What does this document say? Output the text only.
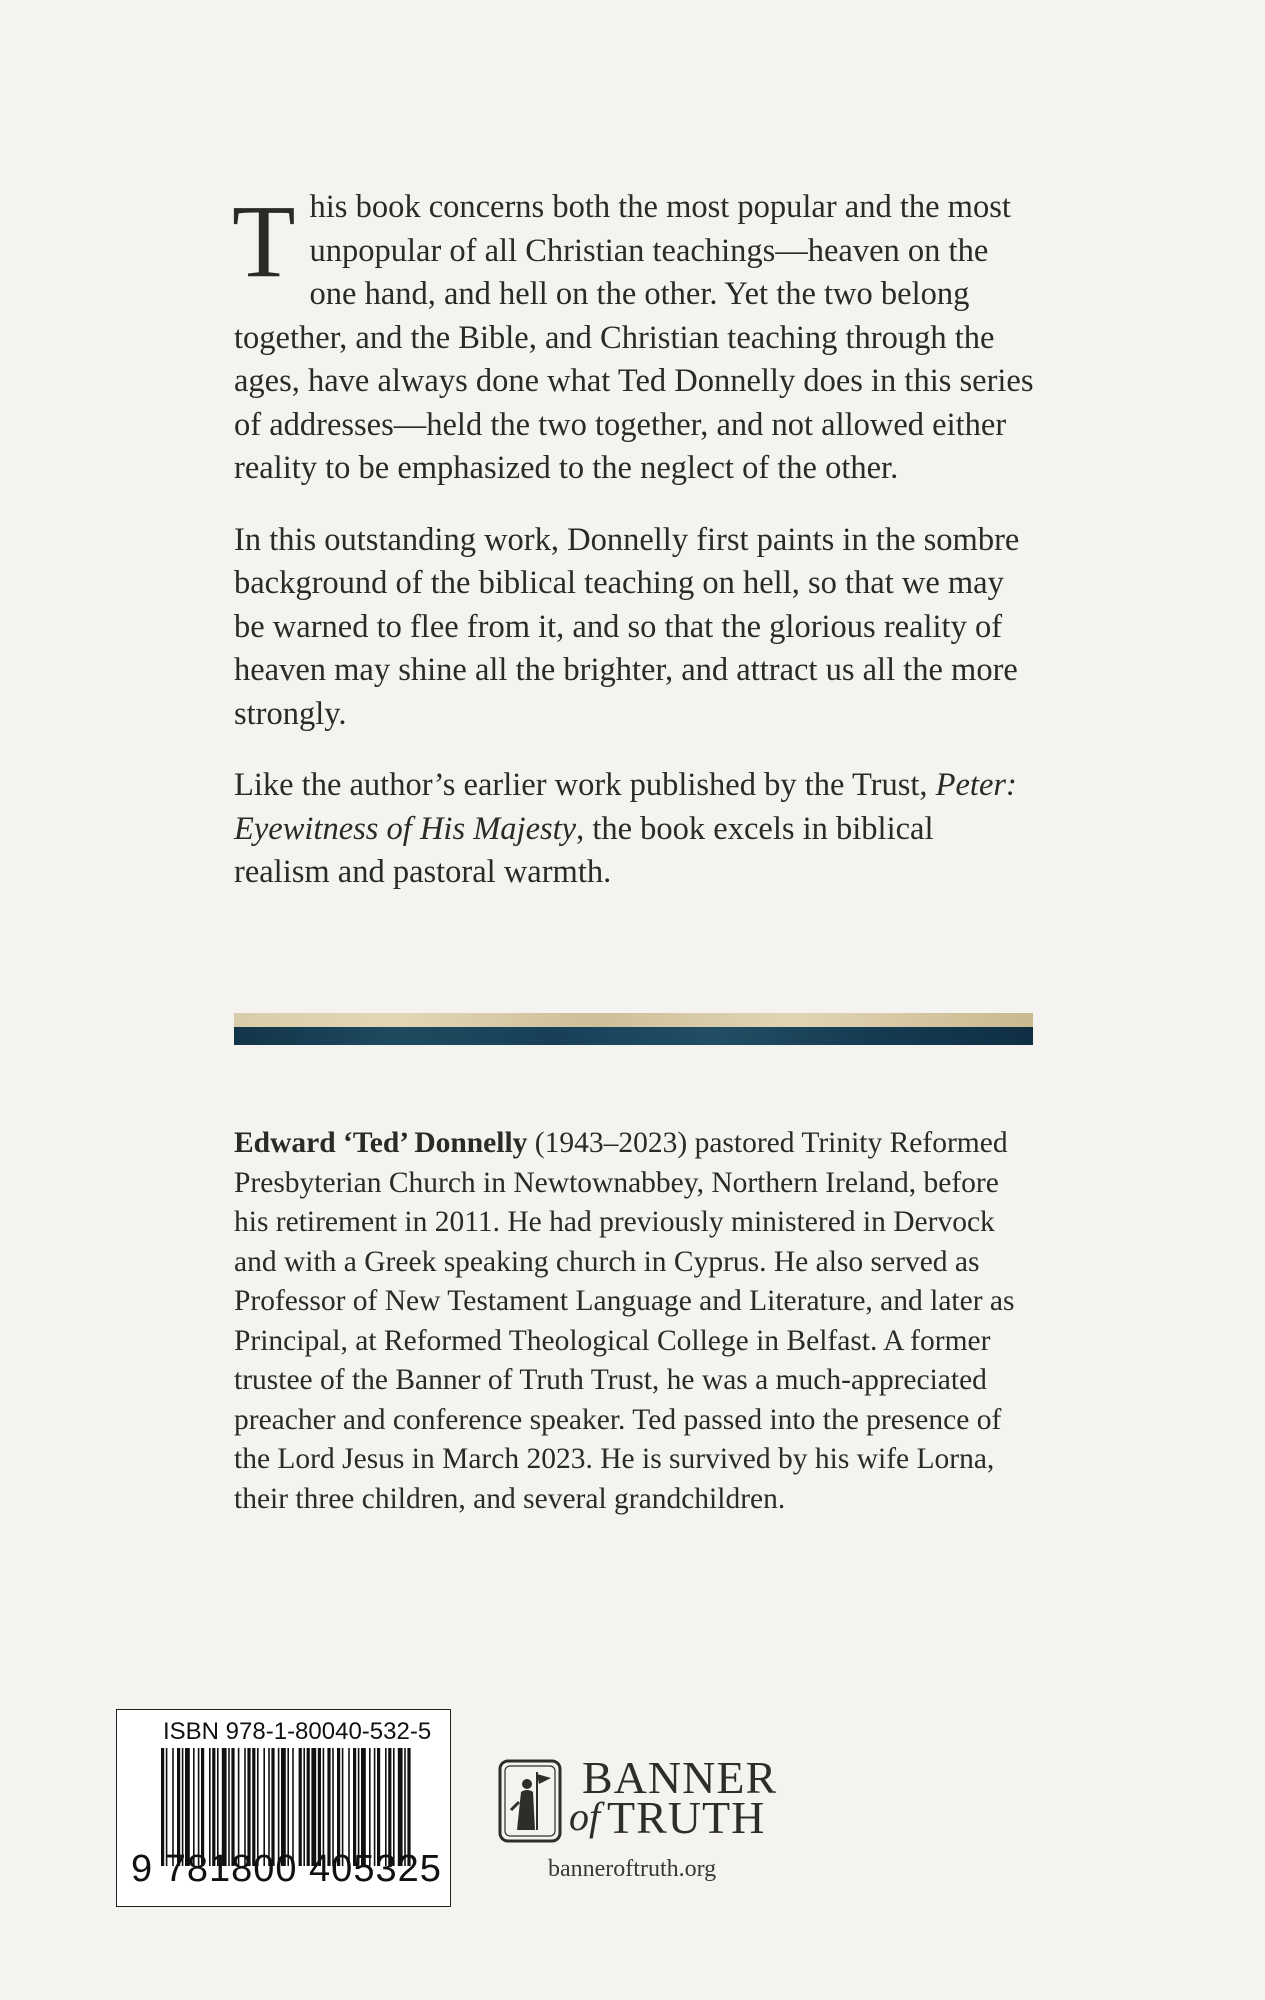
This book concerns both the most popular and the most unpopular of all Christian teachings—heaven on the one hand, and hell on the other. Yet the two belong together, and the Bible, and Christian teaching through the ages, have always done what Ted Donnelly does in this series of addresses—held the two together, and not allowed either reality to be emphasized to the neglect of the other.

In this outstanding work, Donnelly first paints in the sombre background of the biblical teaching on hell, so that we may be warned to flee from it, and so that the glorious reality of heaven may shine all the brighter, and attract us all the more strongly.

Like the author’s earlier work published by the Trust, Peter: Eyewitness of His Majesty, the book excels in biblical realism and pastoral warmth.

Edward ‘Ted’ Donnelly (1943–2023) pastored Trinity Reformed Presbyterian Church in Newtownabbey, Northern Ireland, before his retirement in 2011. He had previously ministered in Dervock and with a Greek speaking church in Cyprus. He also served as Professor of New Testament Language and Literature, and later as Principal, at Reformed Theological College in Belfast. A former trustee of the Banner of Truth Trust, he was a much-appreciated preacher and conference speaker. Ted passed into the presence of the Lord Jesus in March 2023. He is survived by his wife Lorna, their three children, and several grandchildren.

ISBN 978-1-80040-532-5
9 781800 405325
BANNER
of TRUTH
banneroftruth.org
